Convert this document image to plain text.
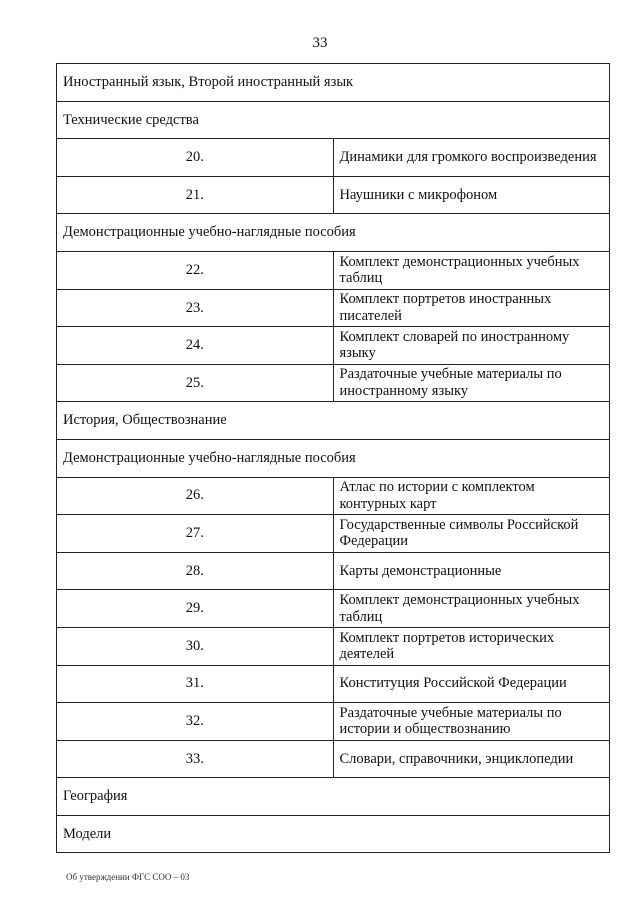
33
Иностранный язык, Второй иностранный язык	
Технические средства	
20.	Динамики для громкого воспроизведения
21.	Наушники с микрофоном
Демонстрационные учебно-наглядные пособия	
22.	Комплект демонстрационных учебных таблиц
23.	Комплект портретов иностранных писателей
24.	Комплект словарей по иностранному языку
25.	Раздаточные учебные материалы по иностранному языку
История, Обществознание	
Демонстрационные учебно-наглядные пособия	
26.	Атлас по истории с комплектом контурных карт
27.	Государственные символы Российской Федерации
28.	Карты демонстрационные
29.	Комплект демонстрационных учебных таблиц
30.	Комплект портретов исторических деятелей
31.	Конституция Российской Федерации
32.	Раздаточные учебные материалы по истории и обществознанию
33.	Словари, справочники, энциклопедии
География	
Модели	
Об утверждении ФГС СОО – 03
